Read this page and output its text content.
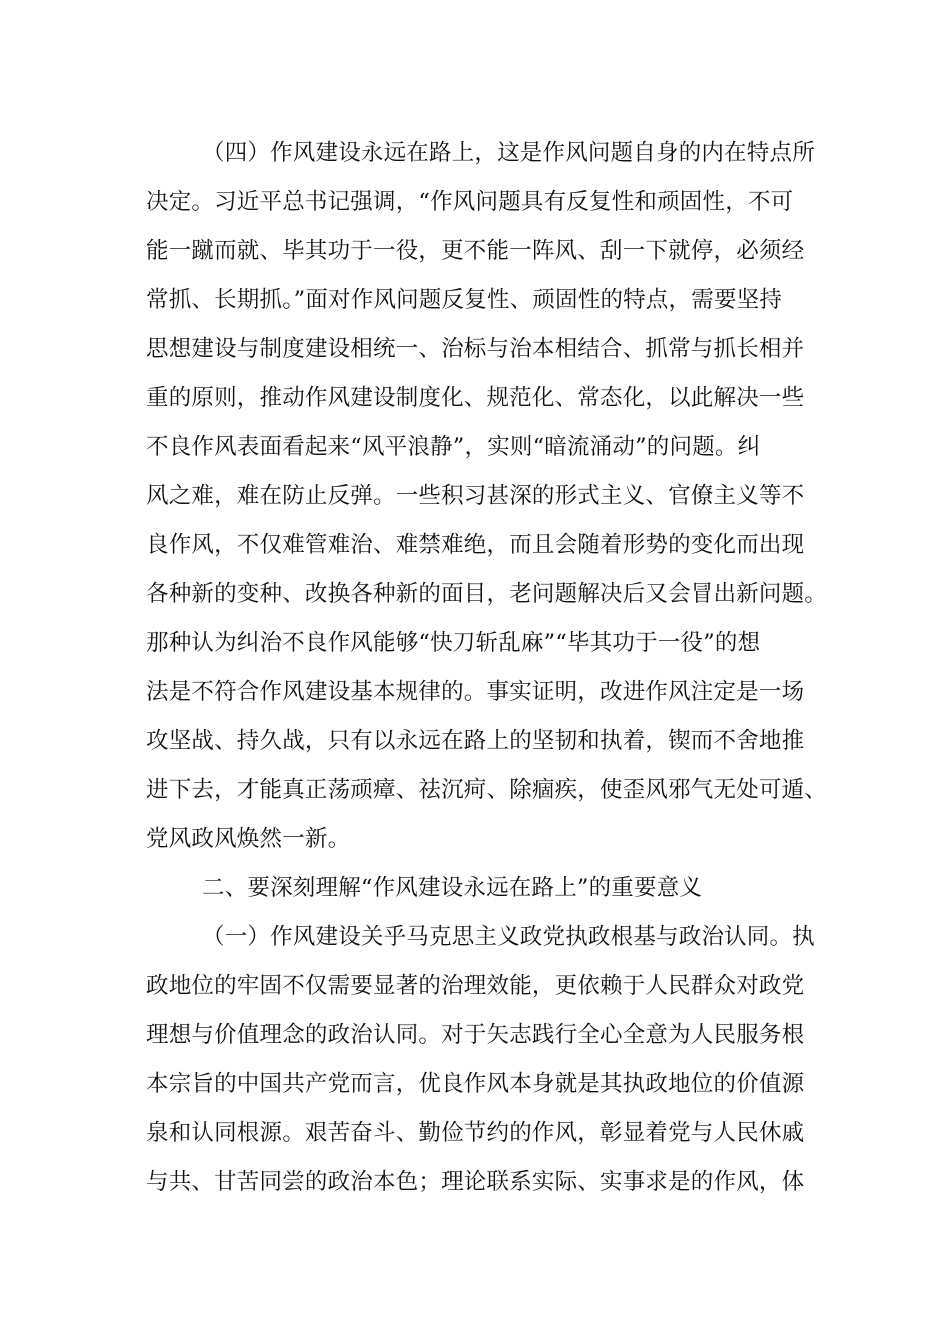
（四）作风建设永远在路上，这是作风问题自身的内在特点所
决定。习近平总书记强调，“作风问题具有反复性和顽固性，不可
能一蹴而就、毕其功于一役，更不能一阵风、刮一下就停，必须经
常抓、长期抓。”面对作风问题反复性、顽固性的特点，需要坚持
思想建设与制度建设相统一、治标与治本相结合、抓常与抓长相并
重的原则，推动作风建设制度化、规范化、常态化，以此解决一些
不良作风表面看起来“风平浪静”，实则“暗流涌动”的问题。纠
风之难，难在防止反弹。一些积习甚深的形式主义、官僚主义等不
良作风，不仅难管难治、难禁难绝，而且会随着形势的变化而出现
各种新的变种、改换各种新的面目，老问题解决后又会冒出新问题。
那种认为纠治不良作风能够“快刀斩乱麻”“毕其功于一役”的想
法是不符合作风建设基本规律的。事实证明，改进作风注定是一场
攻坚战、持久战，只有以永远在路上的坚韧和执着，锲而不舍地推
进下去，才能真正荡顽瘴、祛沉疴、除痼疾，使歪风邪气无处可遁、
党风政风焕然一新。
二、要深刻理解“作风建设永远在路上”的重要意义
（一）作风建设关乎马克思主义政党执政根基与政治认同。执
政地位的牢固不仅需要显著的治理效能，更依赖于人民群众对政党
理想与价值理念的政治认同。对于矢志践行全心全意为人民服务根
本宗旨的中国共产党而言，优良作风本身就是其执政地位的价值源
泉和认同根源。艰苦奋斗、勤俭节约的作风，彰显着党与人民休戚
与共、甘苦同尝的政治本色；理论联系实际、实事求是的作风，体
